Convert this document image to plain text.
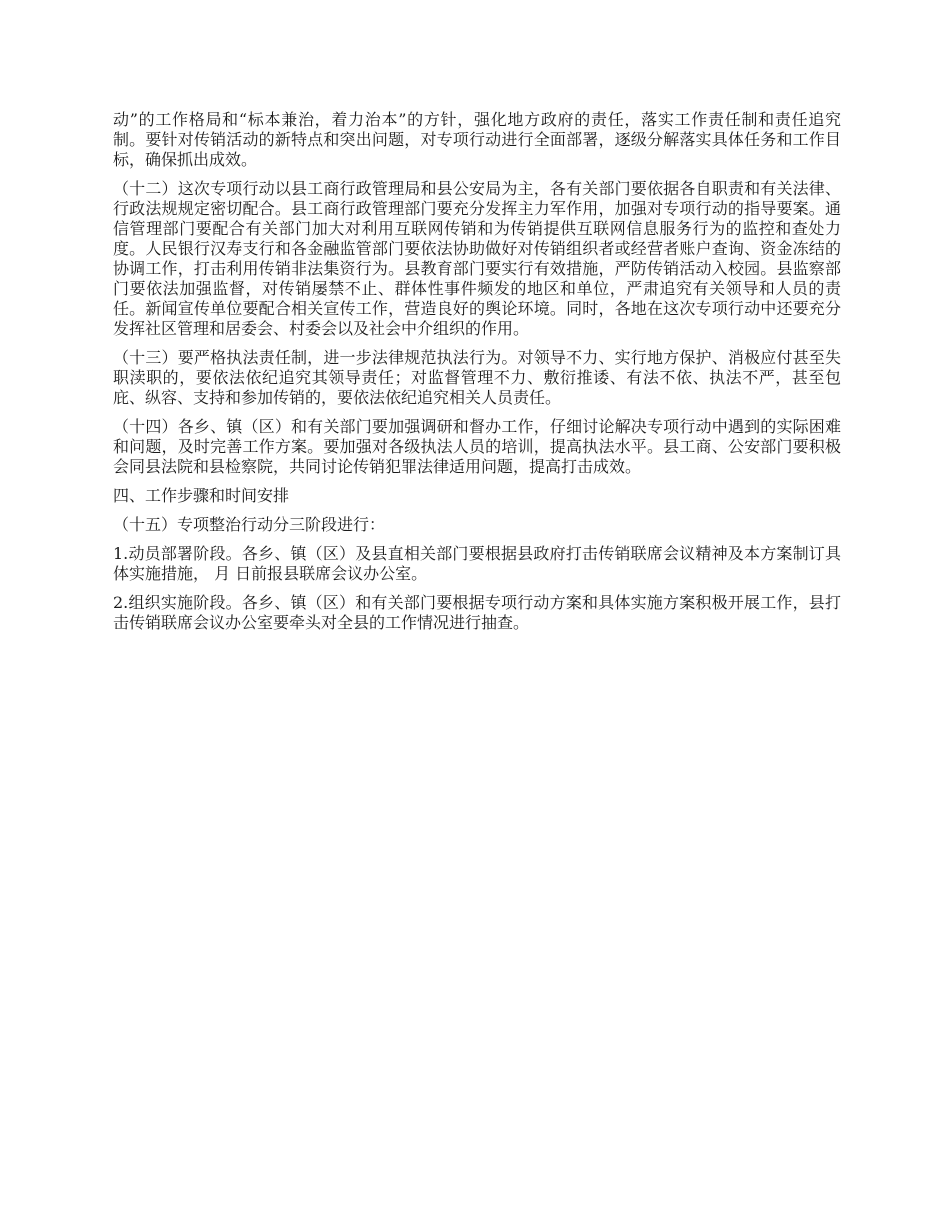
动”的工作格局和“标本兼治，着力治本”的方针，强化地方政府的责任，落实工作责任制和责任追究制。要针对传销活动的新特点和突出问题，对专项行动进行全面部署，逐级分解落实具体任务和工作目标，确保抓出成效。

（十二）这次专项行动以县工商行政管理局和县公安局为主，各有关部门要依据各自职责和有关法律、行政法规规定密切配合。县工商行政管理部门要充分发挥主力军作用，加强对专项行动的指导要案。通信管理部门要配合有关部门加大对利用互联网传销和为传销提供互联网信息服务行为的监控和查处力度。人民银行汉寿支行和各金融监管部门要依法协助做好对传销组织者或经营者账户查询、资金冻结的协调工作，打击利用传销非法集资行为。县教育部门要实行有效措施，严防传销活动入校园。县监察部门要依法加强监督，对传销屡禁不止、群体性事件频发的地区和单位，严肃追究有关领导和人员的责任。新闻宣传单位要配合相关宣传工作，营造良好的舆论环境。同时，各地在这次专项行动中还要充分发挥社区管理和居委会、村委会以及社会中介组织的作用。

（十三）要严格执法责任制，进一步法律规范执法行为。对领导不力、实行地方保护、消极应付甚至失职渎职的，要依法依纪追究其领导责任；对监督管理不力、敷衍推诿、有法不依、执法不严，甚至包庇、纵容、支持和参加传销的，要依法依纪追究相关人员责任。

（十四）各乡、镇（区）和有关部门要加强调研和督办工作，仔细讨论解决专项行动中遇到的实际困难和问题，及时完善工作方案。要加强对各级执法人员的培训，提高执法水平。县工商、公安部门要积极会同县法院和县检察院，共同讨论传销犯罪法律适用问题，提高打击成效。

四、工作步骤和时间安排

（十五）专项整治行动分三阶段进行：

1.动员部署阶段。各乡、镇（区）及县直相关部门要根据县政府打击传销联席会议精神及本方案制订具体实施措施， 月 日前报县联席会议办公室。

2.组织实施阶段。各乡、镇（区）和有关部门要根据专项行动方案和具体实施方案积极开展工作，县打击传销联席会议办公室要牵头对全县的工作情况进行抽查。
